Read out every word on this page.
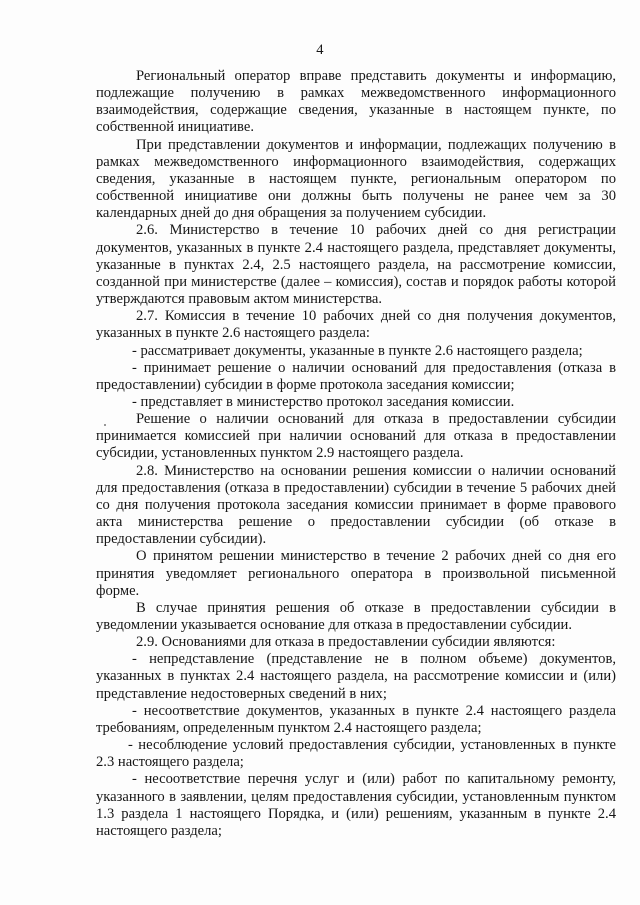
4

Региональный оператор вправе представить документы и информацию, подлежащие получению в рамках межведомственного информационного взаимодействия, содержащие сведения, указанные в настоящем пункте, по собственной инициативе.

При представлении документов и информации, подлежащих получению в рамках межведомственного информационного взаимодействия, содержащих сведения, указанные в настоящем пункте, региональным оператором по собственной инициативе они должны быть получены не ранее чем за 30 календарных дней до дня обращения за получением субсидии.

2.6. Министерство в течение 10 рабочих дней со дня регистрации документов, указанных в пункте 2.4 настоящего раздела, представляет документы, указанные в пунктах 2.4, 2.5 настоящего раздела, на рассмотрение комиссии, созданной при министерстве (далее – комиссия), состав и порядок работы которой утверждаются правовым актом министерства.

2.7. Комиссия в течение 10 рабочих дней со дня получения документов, указанных в пункте 2.6 настоящего раздела:

- рассматривает документы, указанные в пункте 2.6 настоящего раздела;

- принимает решение о наличии оснований для предоставления (отказа в предоставлении) субсидии в форме протокола заседания комиссии;

- представляет в министерство протокол заседания комиссии.

Решение о наличии оснований для отказа в предоставлении субсидии принимается комиссией при наличии оснований для отказа в предоставлении субсидии, установленных пунктом 2.9 настоящего раздела.

2.8. Министерство на основании решения комиссии о наличии оснований для предоставления (отказа в предоставлении) субсидии в течение 5 рабочих дней со дня получения протокола заседания комиссии принимает в форме правового акта министерства решение о предоставлении субсидии (об отказе в предоставлении субсидии).

О принятом решении министерство в течение 2 рабочих дней со дня его принятия уведомляет регионального оператора в произвольной письменной форме.

В случае принятия решения об отказе в предоставлении субсидии в уведомлении указывается основание для отказа в предоставлении субсидии.

2.9. Основаниями для отказа в предоставлении субсидии являются:

- непредставление (представление не в полном объеме) документов, указанных в пунктах 2.4 настоящего раздела, на рассмотрение комиссии и (или) представление недостоверных сведений в них;

- несоответствие документов, указанных в пункте 2.4 настоящего раздела требованиям, определенным пунктом 2.4 настоящего раздела;

- несоблюдение условий предоставления субсидии, установленных в пункте 2.3 настоящего раздела;

- несоответствие перечня услуг и (или) работ по капитальному ремонту, указанного в заявлении, целям предоставления субсидии, установленным пунктом 1.3 раздела 1 настоящего Порядка, и (или) решениям, указанным в пункте 2.4 настоящего раздела;
